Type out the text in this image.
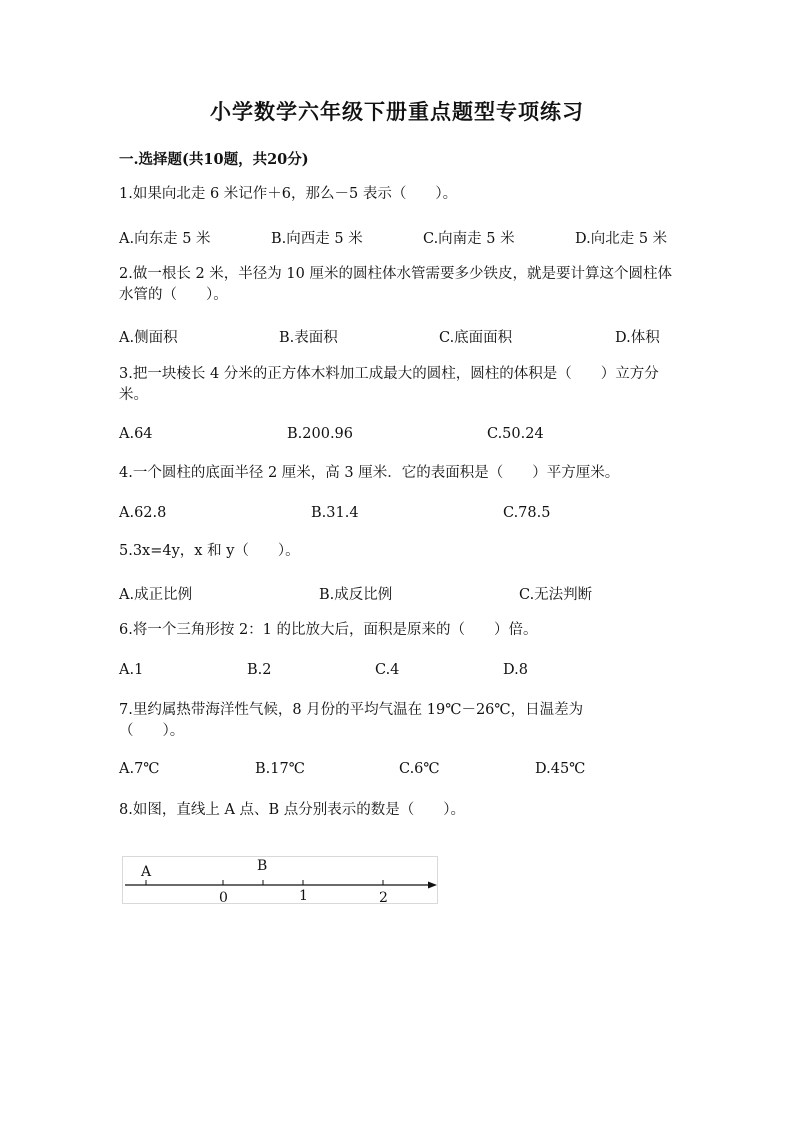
小学数学六年级下册重点题型专项练习
一.选择题(共10题，共20分)
1.如果向北走 6 米记作＋6，那么－5 表示（　　）。
A.向东走 5 米	B.向西走 5 米	C.向南走 5 米	D.向北走 5 米
2.做一根长 2 米，半径为 10 厘米的圆柱体水管需要多少铁皮，就是要计算这个圆柱体水管的（　　）。
A.侧面积	B.表面积	C.底面面积	D.体积
3.把一块棱长 4 分米的正方体木料加工成最大的圆柱，圆柱的体积是（　　）立方分米。
A.64	B.200.96	C.50.24
4.一个圆柱的底面半径 2 厘米，高 3 厘米．它的表面积是（　　）平方厘米。
A.62.8	B.31.4	C.78.5
5.3x=4y，x 和 y（　　）。
A.成正比例	B.成反比例	C.无法判断
6.将一个三角形按 2：1 的比放大后，面积是原来的（　　）倍。
A.1	B.2	C.4	D.8
7.里约属热带海洋性气候，8 月份的平均气温在 19℃－26℃，日温差为（　　）。
A.7℃	B.17℃	C.6℃	D.45℃
8.如图，直线上 A 点、B 点分别表示的数是（　　）。
A	B
0	1	2
